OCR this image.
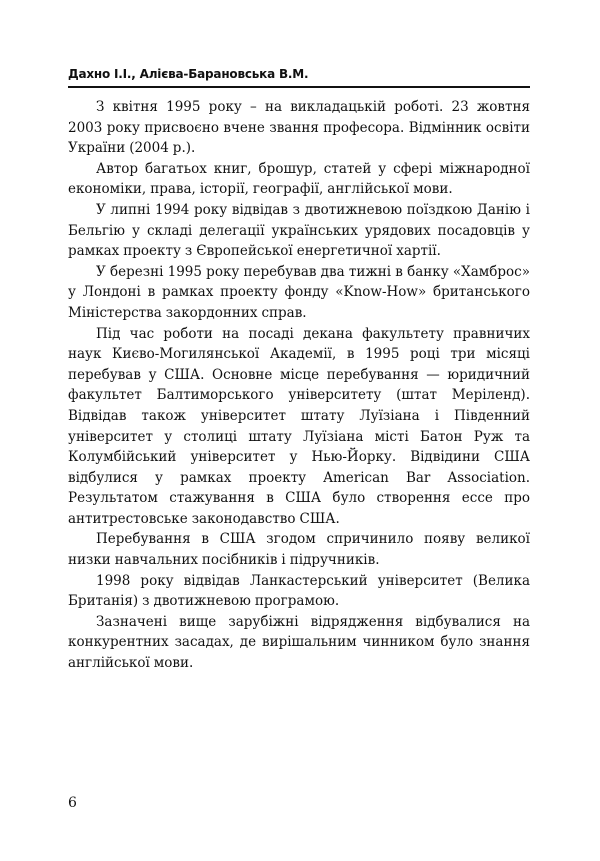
Дахно І.І., Алієва-Барановська В.М.

З квітня 1995 року – на викладацькій роботі. 23 жовтня 2003 року присвоєно вчене звання професора. Відмінник освіти України (2004 р.).

Автор багатьох книг, брошур, статей у сфері міжнародної економіки, права, історії, географії, англійської мови.

У липні 1994 року відвідав з двотижневою поїздкою Данію і Бельгію у складі делегації українських урядових посадовців у рамках проекту з Європейської енергетичної хартії.

У березні 1995 року перебував два тижні в банку «Хамброс» у Лондоні в рамках проекту фонду «Know-How» британського Міністерства закордонних справ.

Під час роботи на посаді декана факультету правничих наук Києво-Могилянської Академії, в 1995 році три місяці перебував у США. Основне місце перебування — юридичний факультет Балтиморського університету (штат Меріленд). Відвідав також університет штату Луїзіана і Південний університет у столиці штату Луїзіана місті Батон Руж та Колумбійський університет у Нью-Йорку. Відвідини США відбулися у рамках проекту American Bar Association. Результатом стажування в США було створення ессе про антитрестовське законодавство США.

Перебування в США згодом спричинило появу великої низки навчальних посібників і підручників.

1998 року відвідав Ланкастерський університет (Велика Британія) з двотижневою програмою.

Зазначені вище зарубіжні відрядження відбувалися на конкурентних засадах, де вирішальним чинником було знання англійської мови.

6
